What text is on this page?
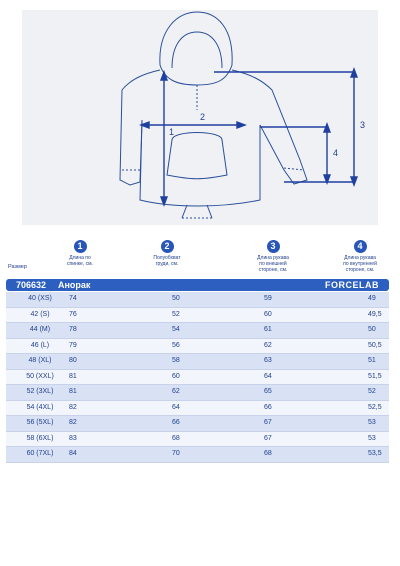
1
2
3
4
Размер
1
Длина по
спинке, см.
2
Полуобхват
груди, см.
3
Длина рукава
по внешней
стороне, см.
4
Длина рукава
по внутренней
стороне, см.
706632 Анорак	FORCELAB
40 (XS)	74	50	59	49
42 (S)	76	52	60	49,5
44 (M)	78	54	61	50
46 (L)	79	56	62	50,5
48 (XL)	80	58	63	51
50 (XXL)	81	60	64	51,5
52 (3XL)	81	62	65	52
54 (4XL)	82	64	66	52,5
56 (5XL)	82	66	67	53
58 (6XL)	83	68	67	53
60 (7XL)	84	70	68	53,5
